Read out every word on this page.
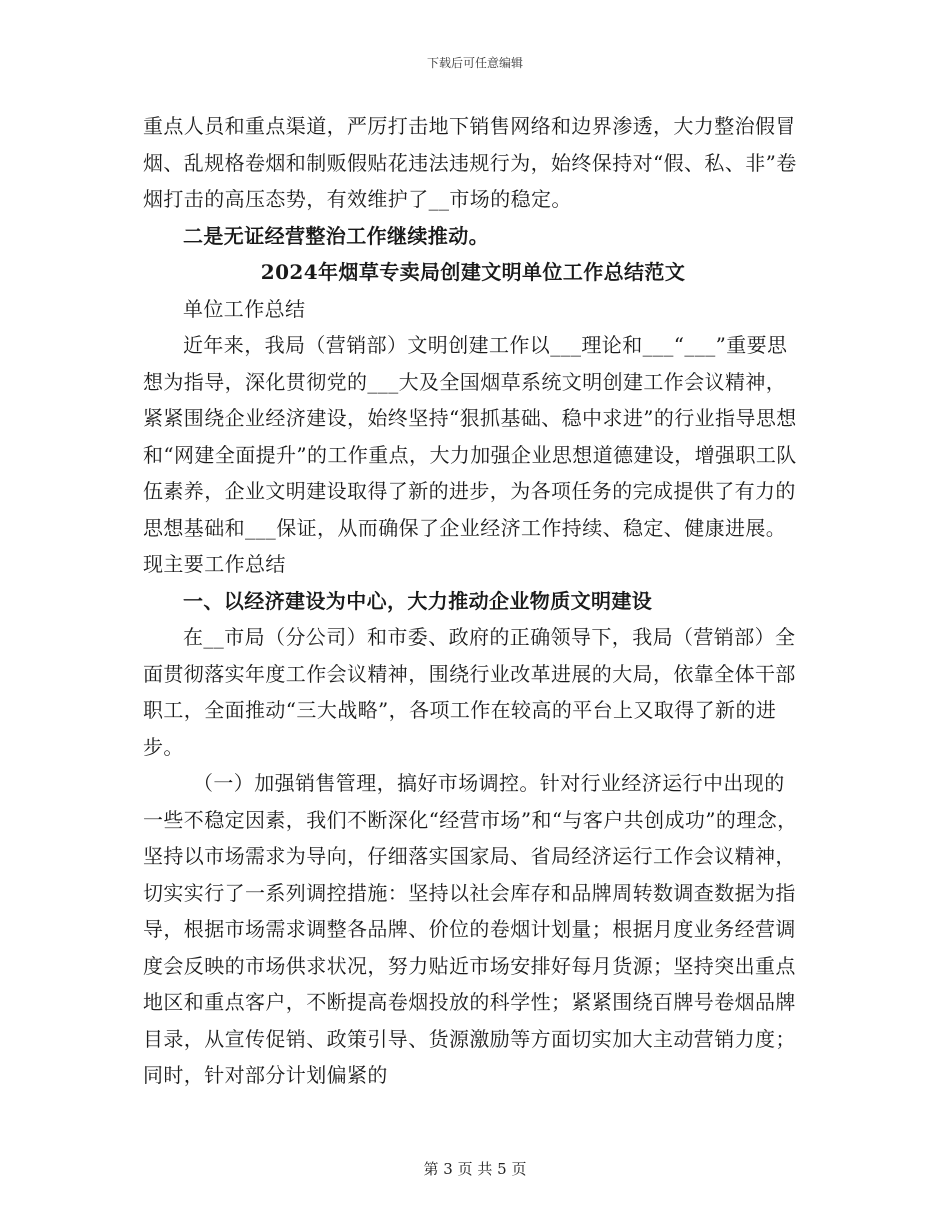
下载后可任意编辑

重点人员和重点渠道，严厉打击地下销售网络和边界渗透，大力整治假冒烟、乱规格卷烟和制贩假贴花违法违规行为，始终保持对“假、私、非”卷烟打击的高压态势，有效维护了__市场的稳定。

二是无证经营整治工作继续推动。

2024年烟草专卖局创建文明单位工作总结范文

单位工作总结

近年来，我局（营销部）文明创建工作以___理论和___“___”重要思想为指导，深化贯彻党的___大及全国烟草系统文明创建工作会议精神，紧紧围绕企业经济建设，始终坚持“狠抓基础、稳中求进”的行业指导思想和“网建全面提升”的工作重点，大力加强企业思想道德建设，增强职工队伍素养，企业文明建设取得了新的进步，为各项任务的完成提供了有力的思想基础和___保证，从而确保了企业经济工作持续、稳定、健康进展。现主要工作总结

一、以经济建设为中心，大力推动企业物质文明建设

在__市局（分公司）和市委、政府的正确领导下，我局（营销部）全面贯彻落实年度工作会议精神，围绕行业改革进展的大局，依靠全体干部职工，全面推动“三大战略”，各项工作在较高的平台上又取得了新的进步。

（一）加强销售管理，搞好市场调控。针对行业经济运行中出现的一些不稳定因素，我们不断深化“经营市场”和“与客户共创成功”的理念，坚持以市场需求为导向，仔细落实国家局、省局经济运行工作会议精神，切实实行了一系列调控措施：坚持以社会库存和品牌周转数调查数据为指导，根据市场需求调整各品牌、价位的卷烟计划量；根据月度业务经营调度会反映的市场供求状况，努力贴近市场安排好每月货源；坚持突出重点地区和重点客户，不断提高卷烟投放的科学性；紧紧围绕百牌号卷烟品牌目录，从宣传促销、政策引导、货源激励等方面切实加大主动营销力度；同时，针对部分计划偏紧的

第 3 页 共 5 页
